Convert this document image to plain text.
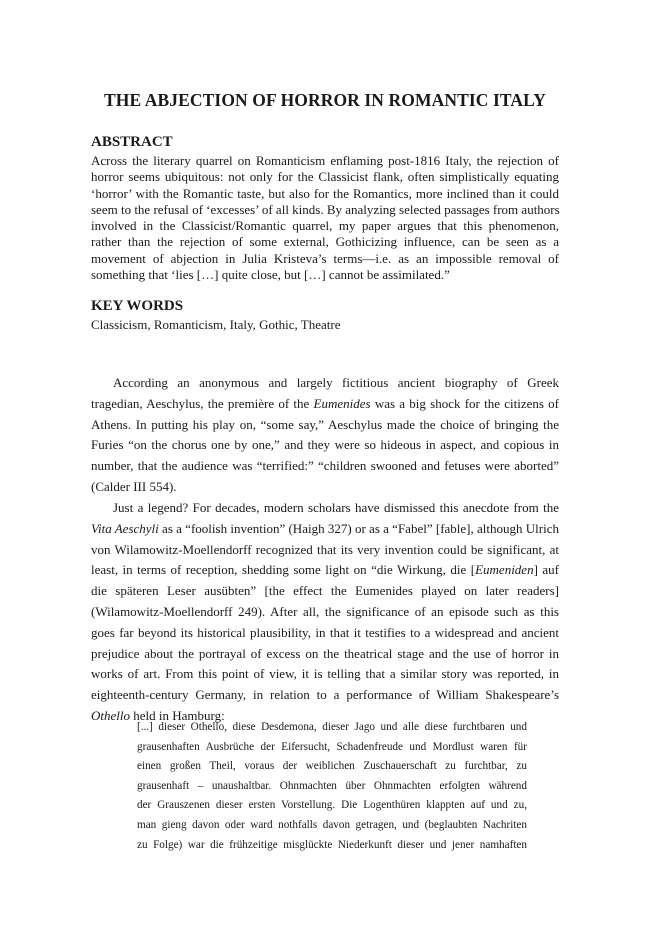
THE ABJECTION OF HORROR IN ROMANTIC ITALY
ABSTRACT
Across the literary quarrel on Romanticism enflaming post-1816 Italy, the rejection of
horror seems ubiquitous: not only for the Classicist flank, often simplistically equating
‘horror’ with the Romantic taste, but also for the Romantics, more inclined than it could
seem to the refusal of ‘excesses’ of all kinds. By analyzing selected passages from authors
involved in the Classicist/Romantic quarrel, my paper argues that this phenomenon,
rather than the rejection of some external, Gothicizing influence, can be seen as a
movement of abjection in Julia Kristeva’s terms—i.e. as an impossible removal of
something that ‘lies […] quite close, but […] cannot be assimilated.”
KEY WORDS
Classicism, Romanticism, Italy, Gothic, Theatre
According an anonymous and largely fictitious ancient biography of Greek
tragedian, Aeschylus, the première of the Eumenides was a big shock for the citizens of
Athens. In putting his play on, “some say,” Aeschylus made the choice of bringing the
Furies “on the chorus one by one,” and they were so hideous in aspect, and copious in
number, that the audience was “terrified:” “children swooned and fetuses were aborted”
(Calder III 554).
Just a legend? For decades, modern scholars have dismissed this anecdote from the
Vita Aeschyli as a “foolish invention” (Haigh 327) or as a “Fabel” [fable], although Ulrich
von Wilamowitz-Moellendorff recognized that its very invention could be significant, at
least, in terms of reception, shedding some light on “die Wirkung, die [Eumeniden] auf
die späteren Leser ausübten” [the effect the Eumenides played on later readers]
(Wilamowitz-Moellendorff 249). After all, the significance of an episode such as this
goes far beyond its historical plausibility, in that it testifies to a widespread and ancient
prejudice about the portrayal of excess on the theatrical stage and the use of horror in
works of art. From this point of view, it is telling that a similar story was reported, in
eighteenth-century Germany, in relation to a performance of William Shakespeare’s
Othello held in Hamburg:
[...] dieser Othello, diese Desdemona, dieser Jago und alle diese furchtbaren und
grausenhaften Ausbrüche der Eifersucht, Schadenfreude und Mordlust waren für
einen großen Theil, voraus der weiblichen Zuschauerschaft zu furchtbar, zu
grausenhaft – unaushaltbar. Ohnmachten über Ohnmachten erfolgten während
der Grauszenen dieser ersten Vorstellung. Die Logenthüren klappten auf und zu,
man gieng davon oder ward nothfalls davon getragen, und (beglaubten Nachriten
zu Folge) war die frühzeitige misglückte Niederkunft dieser und jener namhaften
